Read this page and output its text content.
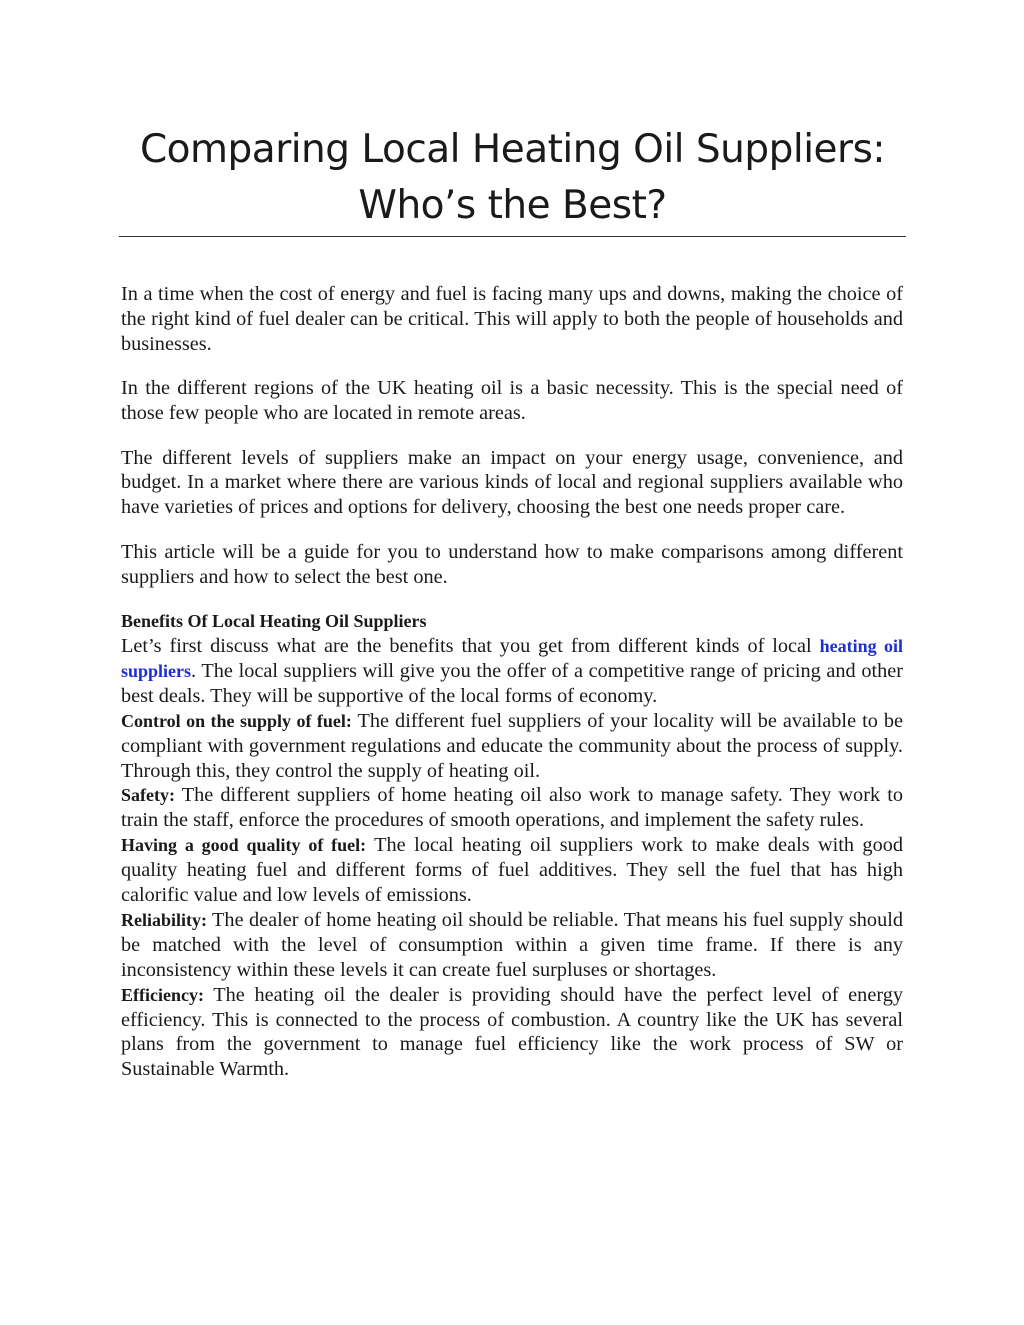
Comparing Local Heating Oil Suppliers:
Who’s the Best?

In a time when the cost of energy and fuel is facing many ups and downs, making the choice of the right kind of fuel dealer can be critical. This will apply to both the people of households and businesses.

In the different regions of the UK heating oil is a basic necessity. This is the special need of those few people who are located in remote areas.

The different levels of suppliers make an impact on your energy usage, convenience, and budget. In a market where there are various kinds of local and regional suppliers available who have varieties of prices and options for delivery, choosing the best one needs proper care.

This article will be a guide for you to understand how to make comparisons among different suppliers and how to select the best one.

Benefits Of Local Heating Oil Suppliers

Let’s first discuss what are the benefits that you get from different kinds of local heating oil suppliers. The local suppliers will give you the offer of a competitive range of pricing and other best deals. They will be supportive of the local forms of economy.

Control on the supply of fuel: The different fuel suppliers of your locality will be available to be compliant with government regulations and educate the community about the process of supply. Through this, they control the supply of heating oil.

Safety: The different suppliers of home heating oil also work to manage safety. They work to train the staff, enforce the procedures of smooth operations, and implement the safety rules.

Having a good quality of fuel: The local heating oil suppliers work to make deals with good quality heating fuel and different forms of fuel additives. They sell the fuel that has high calorific value and low levels of emissions.

Reliability: The dealer of home heating oil should be reliable. That means his fuel supply should be matched with the level of consumption within a given time frame. If there is any inconsistency within these levels it can create fuel surpluses or shortages.

Efficiency: The heating oil the dealer is providing should have the perfect level of energy efficiency. This is connected to the process of combustion. A country like the UK has several plans from the government to manage fuel efficiency like the work process of SW or Sustainable Warmth.
